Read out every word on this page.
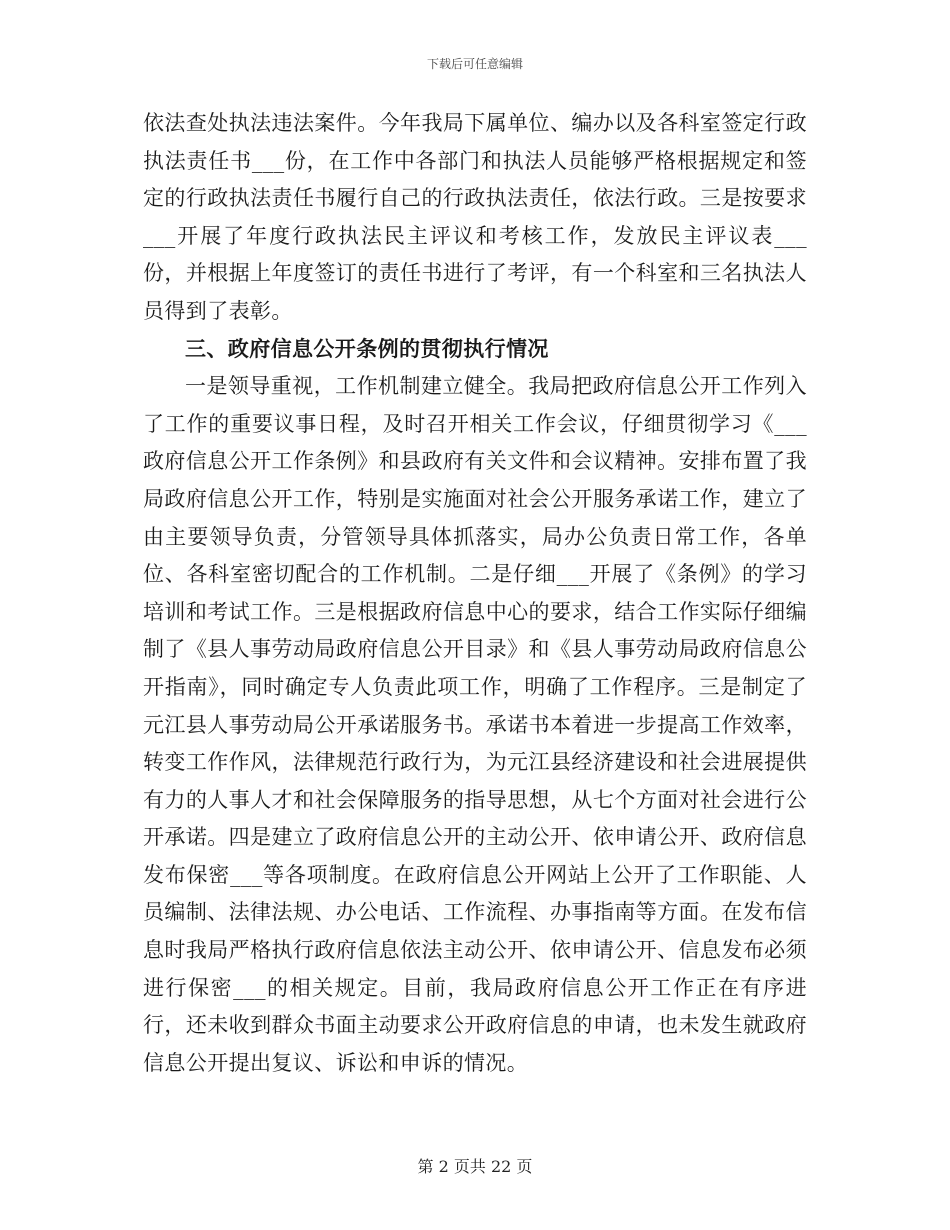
下载后可任意编辑

依法查处执法违法案件。今年我局下属单位、编办以及各科室签定行政执法责任书___份，在工作中各部门和执法人员能够严格根据规定和签定的行政执法责任书履行自己的行政执法责任，依法行政。三是按要求___开展了年度行政执法民主评议和考核工作，发放民主评议表___份，并根据上年度签订的责任书进行了考评，有一个科室和三名执法人员得到了表彰。

三、政府信息公开条例的贯彻执行情况

一是领导重视，工作机制建立健全。我局把政府信息公开工作列入了工作的重要议事日程，及时召开相关工作会议，仔细贯彻学习《___政府信息公开工作条例》和县政府有关文件和会议精神。安排布置了我局政府信息公开工作，特别是实施面对社会公开服务承诺工作，建立了由主要领导负责，分管领导具体抓落实，局办公负责日常工作，各单位、各科室密切配合的工作机制。二是仔细___开展了《条例》的学习培训和考试工作。三是根据政府信息中心的要求，结合工作实际仔细编制了《县人事劳动局政府信息公开目录》和《县人事劳动局政府信息公开指南》，同时确定专人负责此项工作，明确了工作程序。三是制定了元江县人事劳动局公开承诺服务书。承诺书本着进一步提高工作效率，转变工作作风，法律规范行政行为，为元江县经济建设和社会进展提供有力的人事人才和社会保障服务的指导思想，从七个方面对社会进行公开承诺。四是建立了政府信息公开的主动公开、依申请公开、政府信息发布保密___等各项制度。在政府信息公开网站上公开了工作职能、人员编制、法律法规、办公电话、工作流程、办事指南等方面。在发布信息时我局严格执行政府信息依法主动公开、依申请公开、信息发布必须进行保密___的相关规定。目前，我局政府信息公开工作正在有序进行，还未收到群众书面主动要求公开政府信息的申请，也未发生就政府信息公开提出复议、诉讼和申诉的情况。

第 2 页共 22 页
